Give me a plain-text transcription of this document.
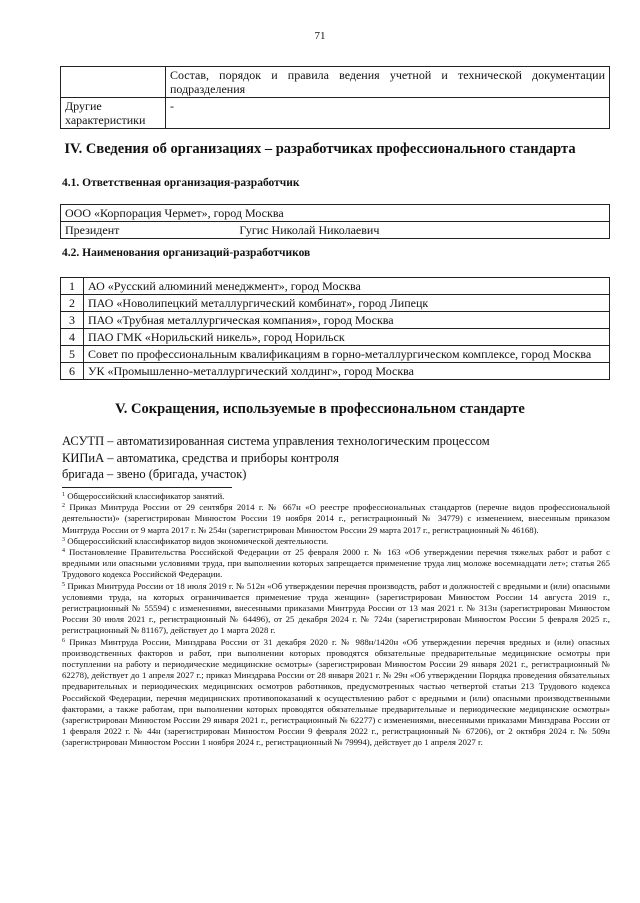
71
	Состав, порядок и правила ведения учетной и технической документации подразделения
Другие характеристики	-
IV. Сведения об организациях – разработчиках профессионального стандарта
4.1. Ответственная организация-разработчик
ООО «Корпорация Чермет», город Москва
Президент	Гугис Николай Николаевич
4.2. Наименования организаций-разработчиков
1	АО «Русский алюминий менеджмент», город Москва
2	ПАО «Новолипецкий металлургический комбинат», город Липецк
3	ПАО «Трубная металлургическая компания», город Москва
4	ПАО ГМК «Норильский никель», город Норильск
5	Совет по профессиональным квалификациям в горно-металлургическом комплексе, город Москва
6	УК «Промышленно-металлургический холдинг», город Москва
V. Сокращения, используемые в профессиональном стандарте
АСУТП – автоматизированная система управления технологическим процессом
КИПиА – автоматика, средства и приборы контроля
бригада – звено (бригада, участок)

$^1$ Общероссийский классификатор занятий.

$^2$ Приказ Минтруда России от 29 сентября 2014 г. № 667н «О реестре профессиональных стандартов (перечне видов профессиональной деятельности)» (зарегистрирован Минюстом России 19 ноября 2014 г., регистрационный № 34779) с изменением, внесенным приказом Минтруда России от 9 марта 2017 г. № 254н (зарегистрирован Минюстом России 29 марта 2017 г., регистрационный № 46168).

$^3$ Общероссийский классификатор видов экономической деятельности.

$^4$ Постановление Правительства Российской Федерации от 25 февраля 2000 г. № 163 «Об утверждении перечня тяжелых работ и работ с вредными или опасными условиями труда, при выполнении которых запрещается применение труда лиц моложе восемнадцати лет»; статья 265 Трудового кодекса Российской Федерации.

$^5$ Приказ Минтруда России от 18 июля 2019 г. № 512н «Об утверждении перечня производств, работ и должностей с вредными и (или) опасными условиями труда, на которых ограничивается применение труда женщин» (зарегистрирован Минюстом России 14 августа 2019 г., регистрационный № 55594) с изменениями, внесенными приказами Минтруда России от 13 мая 2021 г. № 313н (зарегистрирован Минюстом России 30 июля 2021 г., регистрационный № 64496), от 25 декабря 2024 г. № 724н (зарегистрирован Минюстом России 5 февраля 2025 г., регистрационный № 81167), действует до 1 марта 2028 г.

$^6$ Приказ Минтруда России, Минздрава России от 31 декабря 2020 г. № 988н/1420н «Об утверждении перечня вредных и (или) опасных производственных факторов и работ, при выполнении которых проводятся обязательные предварительные медицинские осмотры при поступлении на работу и периодические медицинские осмотры» (зарегистрирован Минюстом России 29 января 2021 г., регистрационный № 62278), действует до 1 апреля 2027 г.; приказ Минздрава России от 28 января 2021 г. № 29н «Об утверждении Порядка проведения обязательных предварительных и периодических медицинских осмотров работников, предусмотренных частью четвертой статьи 213 Трудового кодекса Российской Федерации, перечня медицинских противопоказаний к осуществлению работ с вредными и (или) опасными производственными факторами, а также работам, при выполнении которых проводятся обязательные предварительные и периодические медицинские осмотры» (зарегистрирован Минюстом России 29 января 2021 г., регистрационный № 62277) с изменениями, внесенными приказами Минздрава России от 1 февраля 2022 г. № 44н (зарегистрирован Минюстом России 9 февраля 2022 г., регистрационный № 67206), от 2 октября 2024 г. № 509н (зарегистрирован Минюстом России 1 ноября 2024 г., регистрационный № 79994), действует до 1 апреля 2027 г.
